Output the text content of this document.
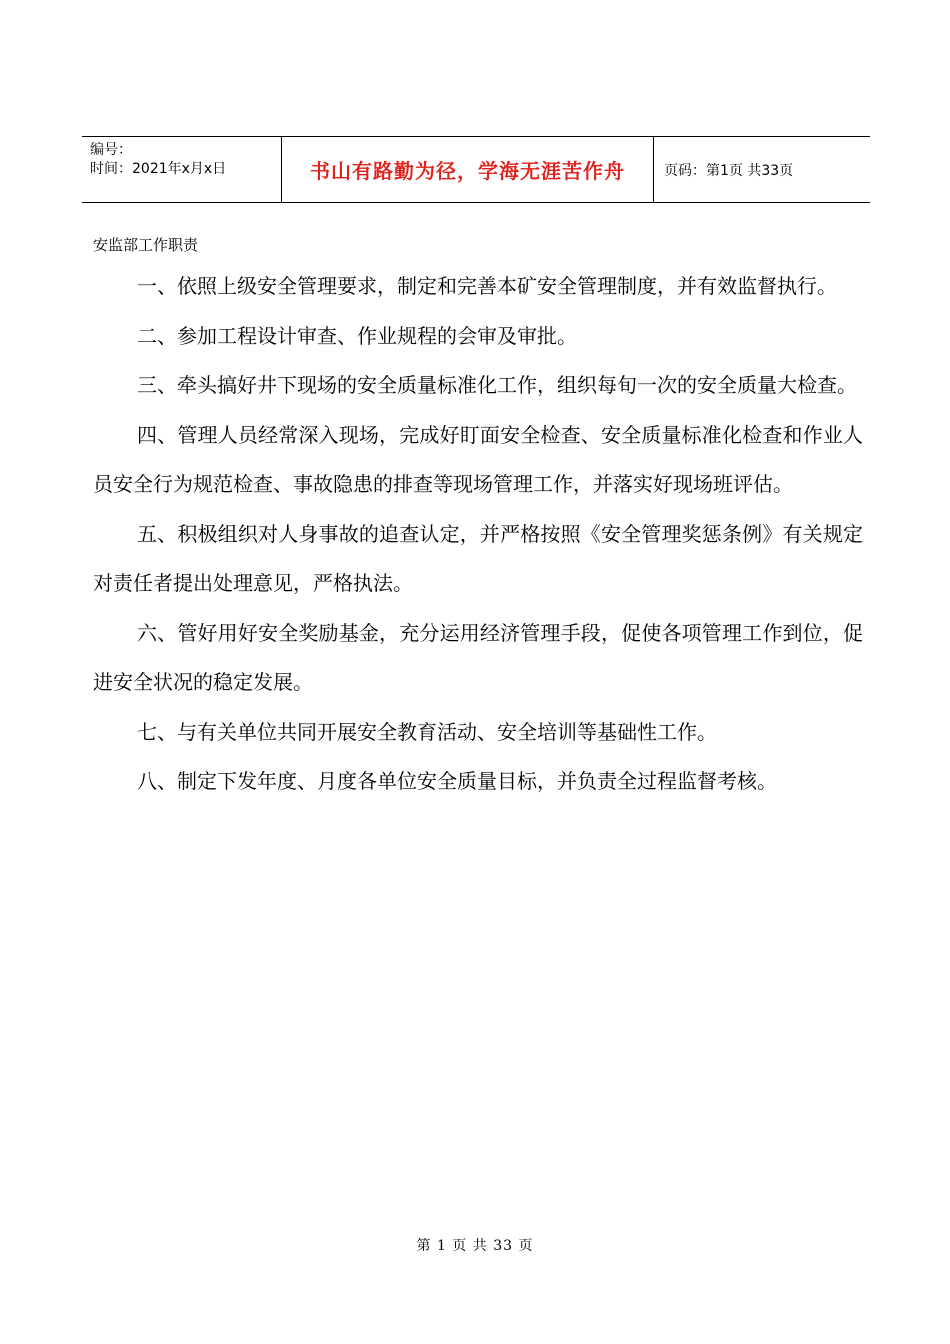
编号：
时间：2021年x月x日	书山有路勤为径，学海无涯苦作舟	页码：第1页 共33页
安监部工作职责

一、依照上级安全管理要求，制定和完善本矿安全管理制度，并有效监督执行。

二、参加工程设计审查、作业规程的会审及审批。

三、牵头搞好井下现场的安全质量标准化工作，组织每旬一次的安全质量大检查。

四、管理人员经常深入现场，完成好盯面安全检查、安全质量标准化检查和作业人员安全行为规范检查、事故隐患的排查等现场管理工作，并落实好现场班评估。

五、积极组织对人身事故的追查认定，并严格按照《安全管理奖惩条例》有关规定对责任者提出处理意见，严格执法。

六、管好用好安全奖励基金，充分运用经济管理手段，促使各项管理工作到位，促进安全状况的稳定发展。

七、与有关单位共同开展安全教育活动、安全培训等基础性工作。

八、制定下发年度、月度各单位安全质量目标，并负责全过程监督考核。

第 1 页 共 33 页
